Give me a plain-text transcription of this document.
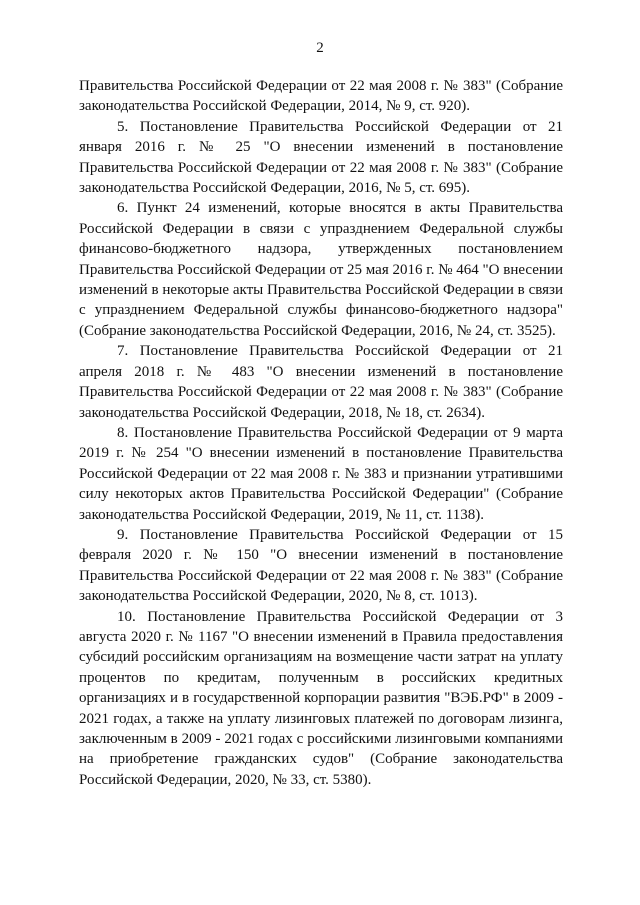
2

Правительства Российской Федерации от 22 мая 2008 г. № 383" (Собрание законодательства Российской Федерации, 2014, № 9, ст. 920).

5. Постановление Правительства Российской Федерации от 21 января 2016 г. № 25 "О внесении изменений в постановление Правительства Российской Федерации от 22 мая 2008 г. № 383" (Собрание законодательства Российской Федерации, 2016, № 5, ст. 695).

6. Пункт 24 изменений, которые вносятся в акты Правительства Российской Федерации в связи с упразднением Федеральной службы финансово-бюджетного надзора, утвержденных постановлением Правительства Российской Федерации от 25 мая 2016 г. № 464 "О внесении изменений в некоторые акты Правительства Российской Федерации в связи с упразднением Федеральной службы финансово-бюджетного надзора" (Собрание законодательства Российской Федерации, 2016, № 24, ст. 3525).

7. Постановление Правительства Российской Федерации от 21 апреля 2018 г. № 483 "О внесении изменений в постановление Правительства Российской Федерации от 22 мая 2008 г. № 383" (Собрание законодательства Российской Федерации, 2018, № 18, ст. 2634).

8. Постановление Правительства Российской Федерации от 9 марта 2019 г. № 254 "О внесении изменений в постановление Правительства Российской Федерации от 22 мая 2008 г. № 383 и признании утратившими силу некоторых актов Правительства Российской Федерации" (Собрание законодательства Российской Федерации, 2019, № 11, ст. 1138).

9. Постановление Правительства Российской Федерации от 15 февраля 2020 г. № 150 "О внесении изменений в постановление Правительства Российской Федерации от 22 мая 2008 г. № 383" (Собрание законодательства Российской Федерации, 2020, № 8, ст. 1013).

10. Постановление Правительства Российской Федерации от 3 августа 2020 г. № 1167 "О внесении изменений в Правила предоставления субсидий российским организациям на возмещение части затрат на уплату процентов по кредитам, полученным в российских кредитных организациях и в государственной корпорации развития "ВЭБ.РФ" в 2009 - 2021 годах, а также на уплату лизинговых платежей по договорам лизинга, заключенным в 2009 - 2021 годах с российскими лизинговыми компаниями на приобретение гражданских судов" (Собрание законодательства Российской Федерации, 2020, № 33, ст. 5380).
